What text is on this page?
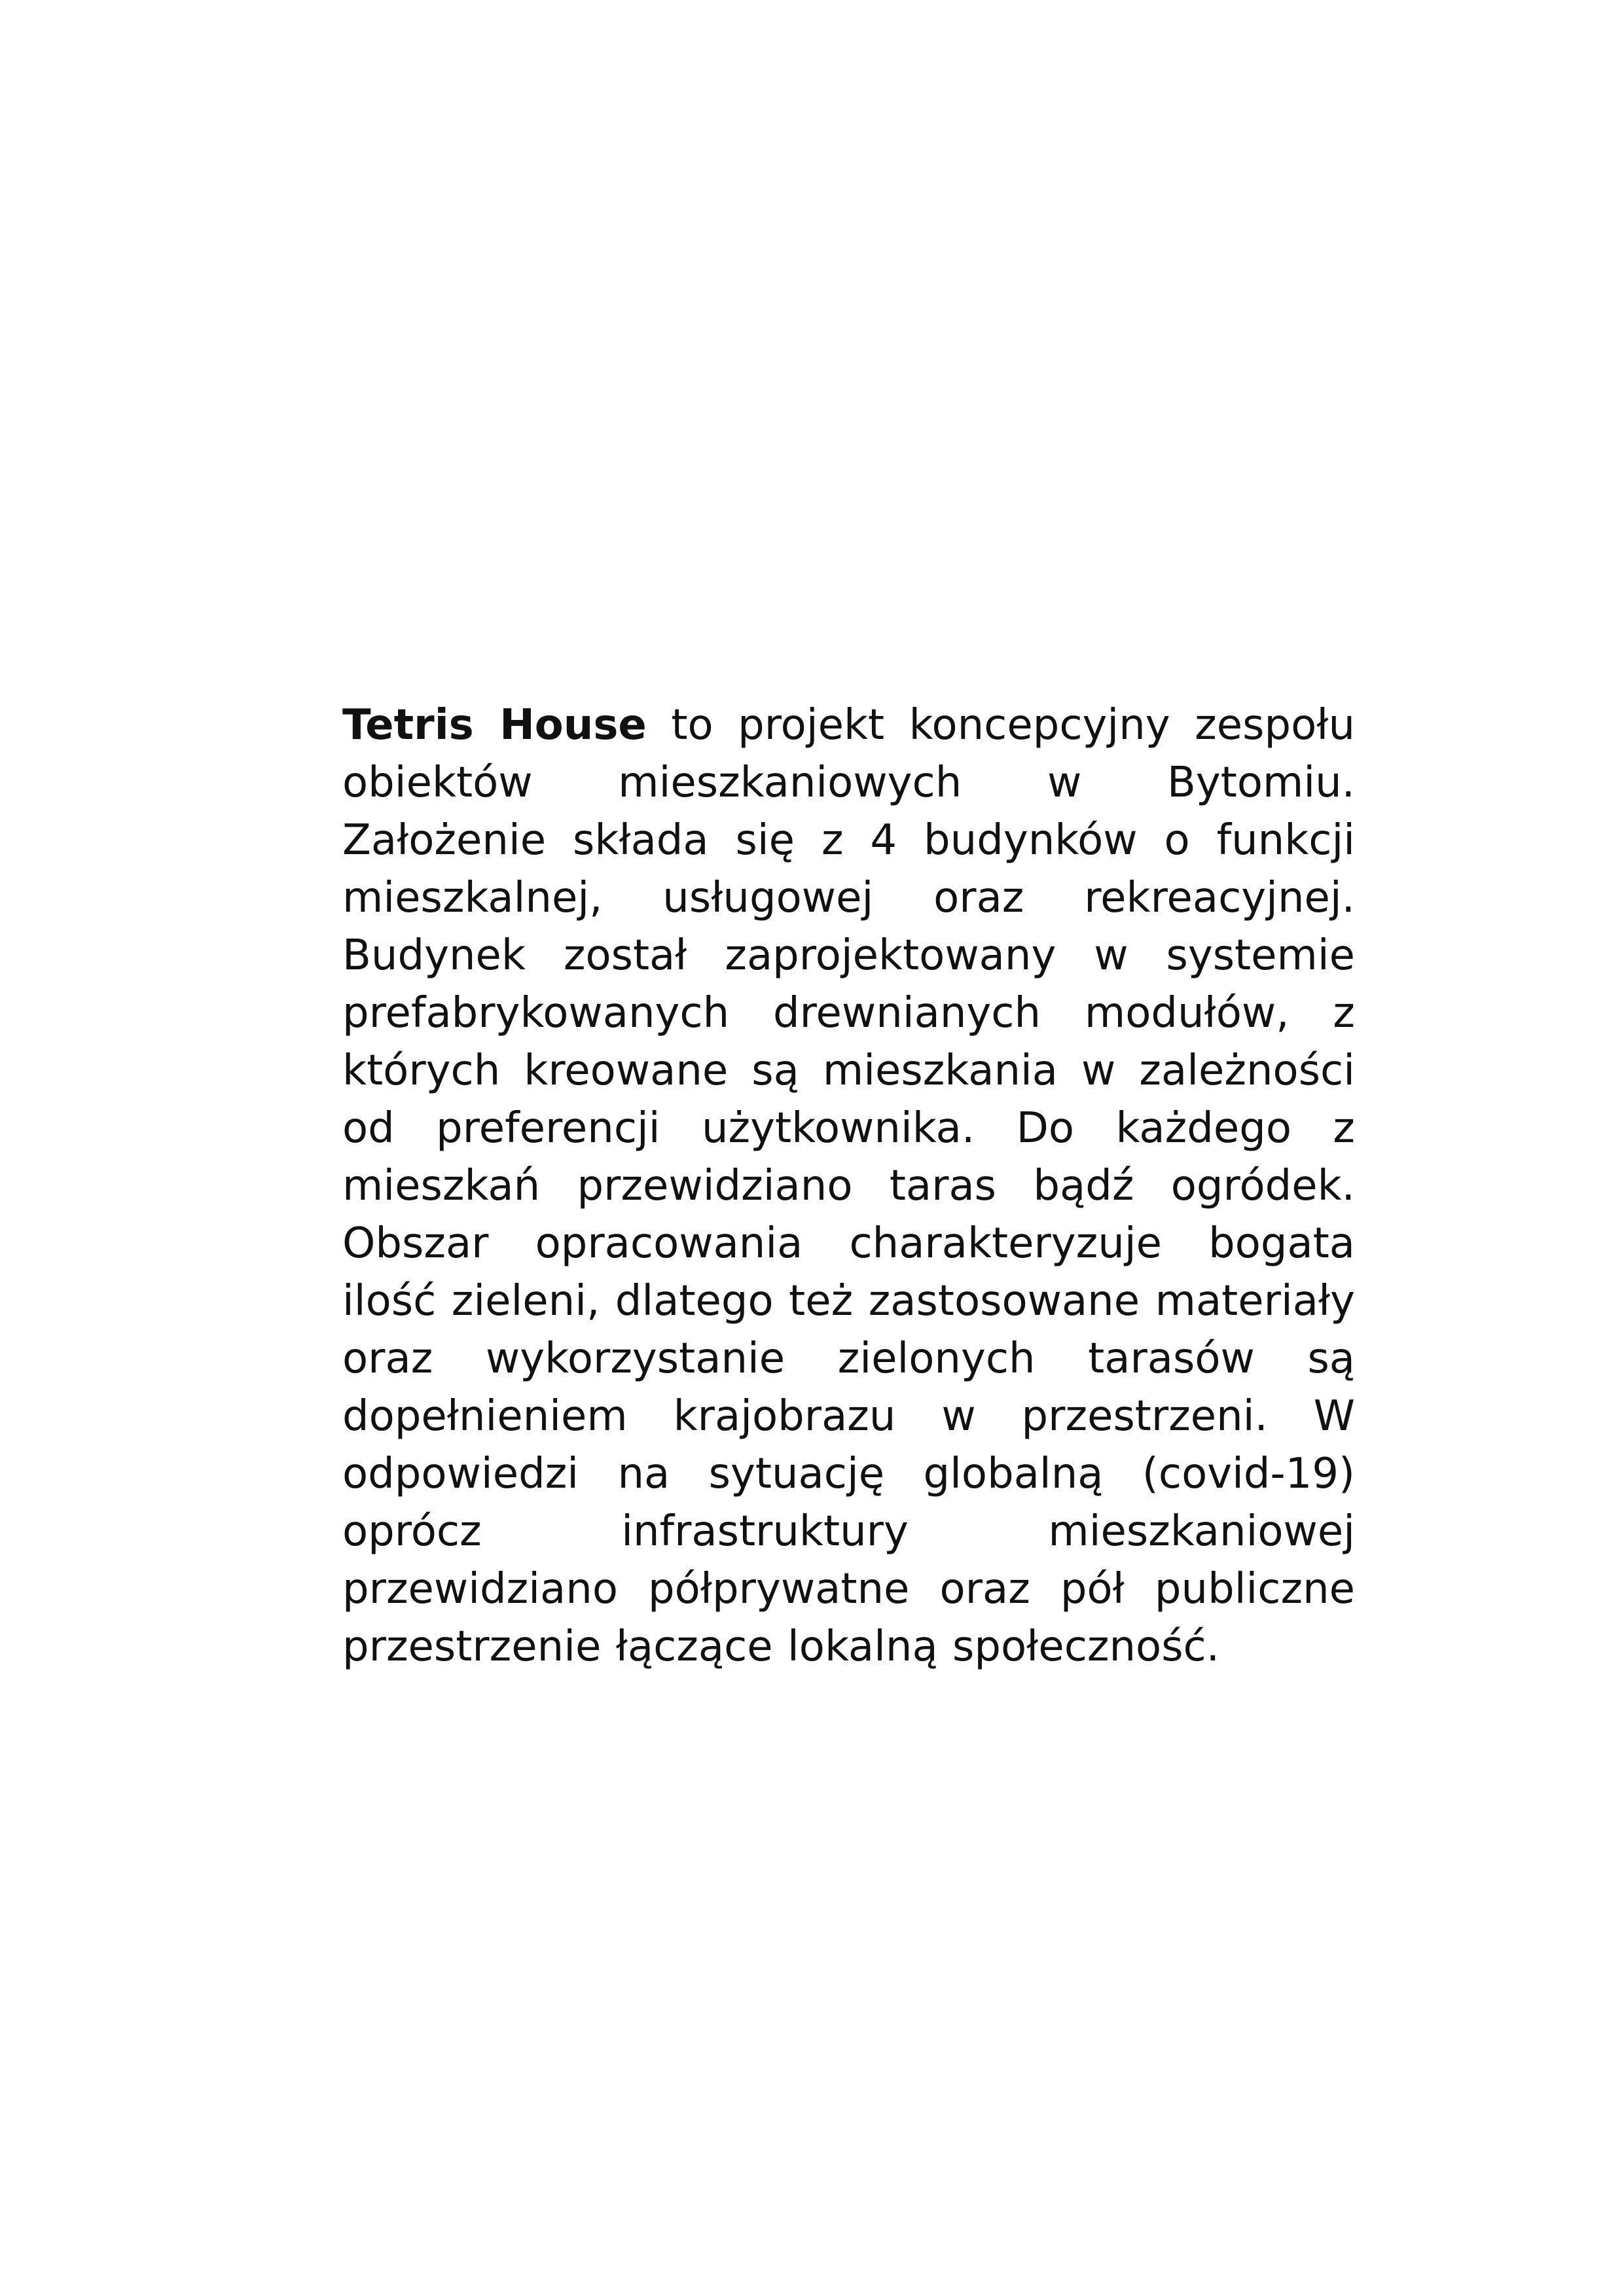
Tetris House to projekt koncepcyjny zespołu obiektów mieszkaniowych w Bytomiu. Założenie składa się z 4 budynków o funkcji mieszkalnej, usługowej oraz rekreacyjnej. Budynek został zaprojektowany w systemie prefabrykowanych drewnianych modułów, z których kreowane są mieszkania w zależności od preferencji użytkownika. Do każdego z mieszkań przewidziano taras bądź ogródek. Obszar opracowania charakteryzuje bogata ilość zieleni, dlatego też zastosowane materiały oraz wykorzystanie zielonych tarasów są dopełnieniem krajobrazu w przestrzeni. W odpowiedzi na sytuację globalną (covid-19) oprócz infrastruktury mieszkaniowej przewidziano półprywatne oraz pół publiczne przestrzenie łączące lokalną społeczność.
